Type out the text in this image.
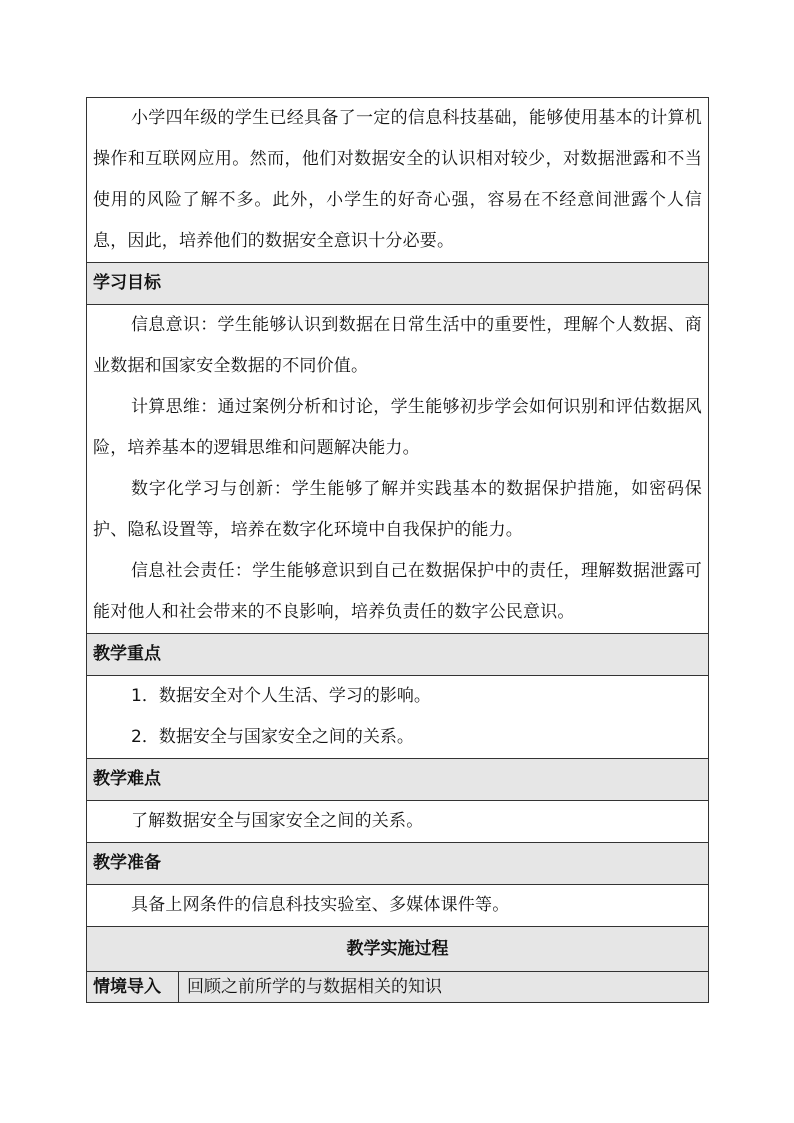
小学四年级的学生已经具备了一定的信息科技基础，能够使用基本的计算机操作和互联网应用。然而，他们对数据安全的认识相对较少，对数据泄露和不当使用的风险了解不多。此外，小学生的好奇心强，容易在不经意间泄露个人信息，因此，培养他们的数据安全意识十分必要。

学习目标

信息意识：学生能够认识到数据在日常生活中的重要性，理解个人数据、商业数据和国家安全数据的不同价值。
计算思维：通过案例分析和讨论，学生能够初步学会如何识别和评估数据风险，培养基本的逻辑思维和问题解决能力。
数字化学习与创新：学生能够了解并实践基本的数据保护措施，如密码保护、隐私设置等，培养在数字化环境中自我保护的能力。
信息社会责任：学生能够意识到自己在数据保护中的责任，理解数据泄露可能对他人和社会带来的不良影响，培养负责任的数字公民意识。

教学重点

1．数据安全对个人生活、学习的影响。
2．数据安全与国家安全之间的关系。

教学难点

了解数据安全与国家安全之间的关系。

教学准备

具备上网条件的信息科技实验室、多媒体课件等。

教学实施过程
情境导入	回顾之前所学的与数据相关的知识
